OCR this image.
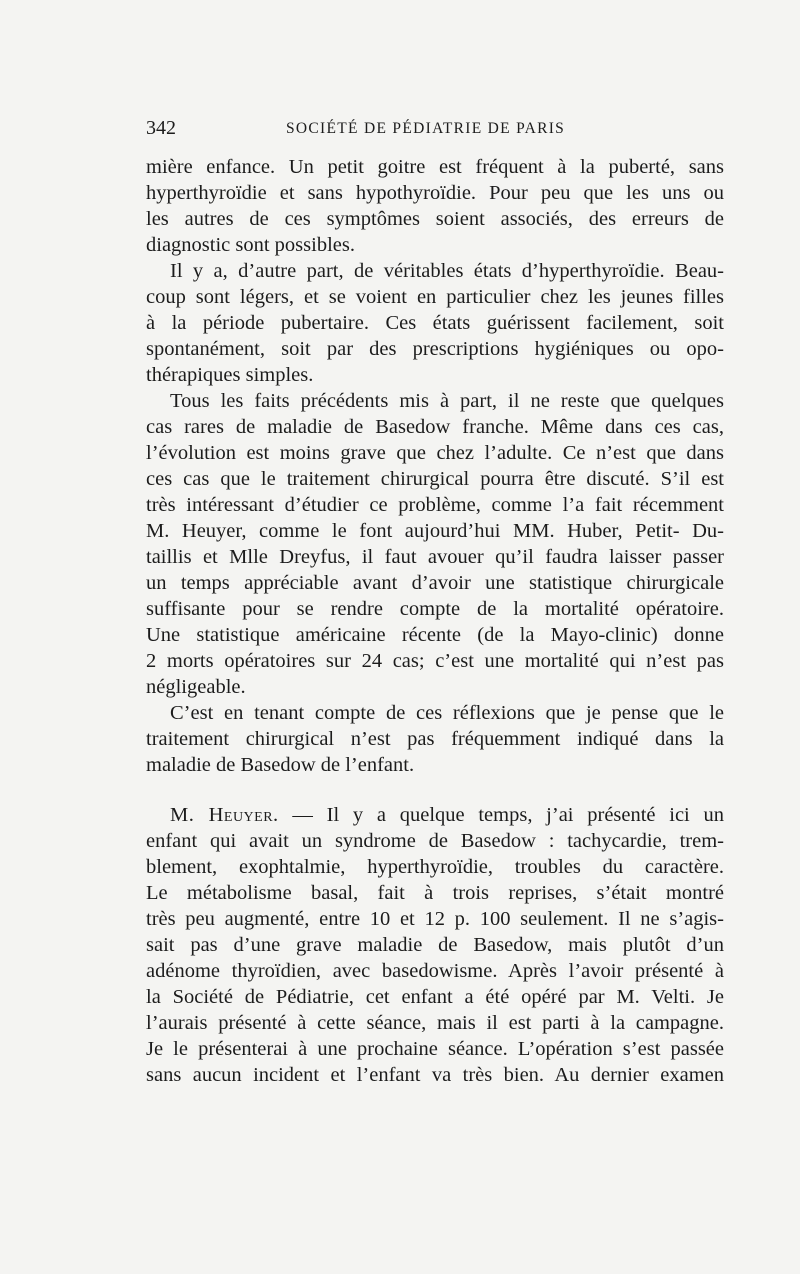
342	SOCIÉTÉ DE PÉDIATRIE DE PARIS
mière enfance. Un petit goitre est fréquent à la puberté, sans
hyperthyroïdie et sans hypothyroïdie. Pour peu que les uns ou
les autres de ces symptômes soient associés, des erreurs de
diagnostic sont possibles.
Il y a, d’autre part, de véritables états d’hyperthyroïdie. Beau-
coup sont légers, et se voient en particulier chez les jeunes filles
à la période pubertaire. Ces états guérissent facilement, soit
spontanément, soit par des prescriptions hygiéniques ou opo-
thérapiques simples.
Tous les faits précédents mis à part, il ne reste que quelques
cas rares de maladie de Basedow franche. Même dans ces cas,
l’évolution est moins grave que chez l’adulte. Ce n’est que dans
ces cas que le traitement chirurgical pourra être discuté. S’il est
très intéressant d’étudier ce problème, comme l’a fait récemment
M. Heuyer, comme le font aujourd’hui MM. Huber, Petit- Du-
taillis et Mlle Dreyfus, il faut avouer qu’il faudra laisser passer
un temps appréciable avant d’avoir une statistique chirurgicale
suffisante pour se rendre compte de la mortalité opératoire.
Une statistique américaine récente (de la Mayo-clinic) donne
2 morts opératoires sur 24 cas; c’est une mortalité qui n’est pas
négligeable.
C’est en tenant compte de ces réflexions que je pense que le
traitement chirurgical n’est pas fréquemment indiqué dans la
maladie de Basedow de l’enfant.
M. Heuyer. — Il y a quelque temps, j’ai présenté ici un
enfant qui avait un syndrome de Basedow : tachycardie, trem-
blement, exophtalmie, hyperthyroïdie, troubles du caractère.
Le métabolisme basal, fait à trois reprises, s’était montré
très peu augmenté, entre 10 et 12 p. 100 seulement. Il ne s’agis-
sait pas d’une grave maladie de Basedow, mais plutôt d’un
adénome thyroïdien, avec basedowisme. Après l’avoir présenté à
la Société de Pédiatrie, cet enfant a été opéré par M. Velti. Je
l’aurais présenté à cette séance, mais il est parti à la campagne.
Je le présenterai à une prochaine séance. L’opération s’est passée
sans aucun incident et l’enfant va très bien. Au dernier examen
